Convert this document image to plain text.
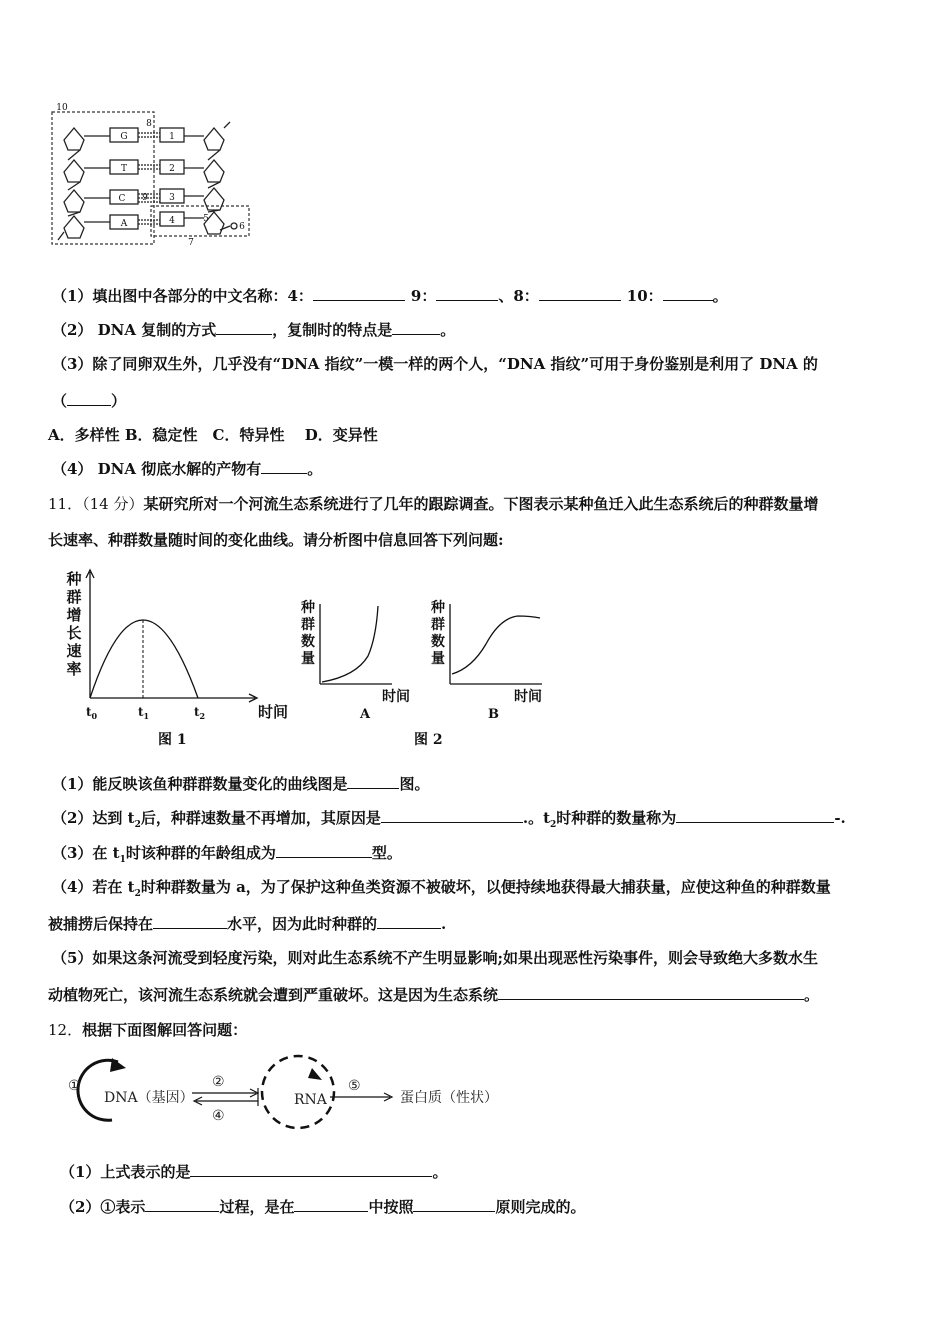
10
8
G	1
T	2
C 9 3
A	4	5
6
7
（1）填出图中各部分的中文名称：4：	9：	、8：	10：	。
（2） DNA 复制的方式	，复制时的特点是	。
（3）除了同卵双生外，几乎没有“DNA 指纹”一模一样的两个人，“DNA 指纹”可用于身份鉴别是利用了 DNA 的
（	）
A．多样性 B．稳定性　C．特异性　 D．变异性
（4） DNA 彻底水解的产物有	。
11．（14 分）某研究所对一个河流生态系统进行了几年的跟踪调查。下图表示某种鱼迁入此生态系统后的种群数量增
长速率、种群数量随时间的变化曲线。请分析图中信息回答下列问题:
种
群
增
长
速
率
$t_0$	$t_1$	$t_2$	时间
图 1
种
群
数
量
种
群
数
量
时间	时间
A	B
图 2
（1）能反映该鱼种群群数量变化的曲线图是	图。
（2）达到 $t_2$后，种群速数量不再增加，其原因是	.。$t_2$时种群的数量称为	-.
（3）在 $t_1$时该种群的年龄组成为	型。
（4）若在 $t_2$时种群数量为 a，为了保护这种鱼类资源不被破坏，以便持续地获得最大捕获量，应使这种鱼的种群数量
被捕捞后保持在	水平，因为此时种群的	.
（5）如果这条河流受到轻度污染，则对此生态系统不产生明显影响;如果出现恶性污染事件，则会导致绝大多数水生
动植物死亡，该河流生态系统就会遭到严重破坏。这是因为生态系统	。
12．根据下面图解回答问题：
①
DNA（基因）
②
④
RNA
⑤
蛋白质（性状）
（1）上式表示的是	。
（2）①表示	过程，是在	中按照	原则完成的。
